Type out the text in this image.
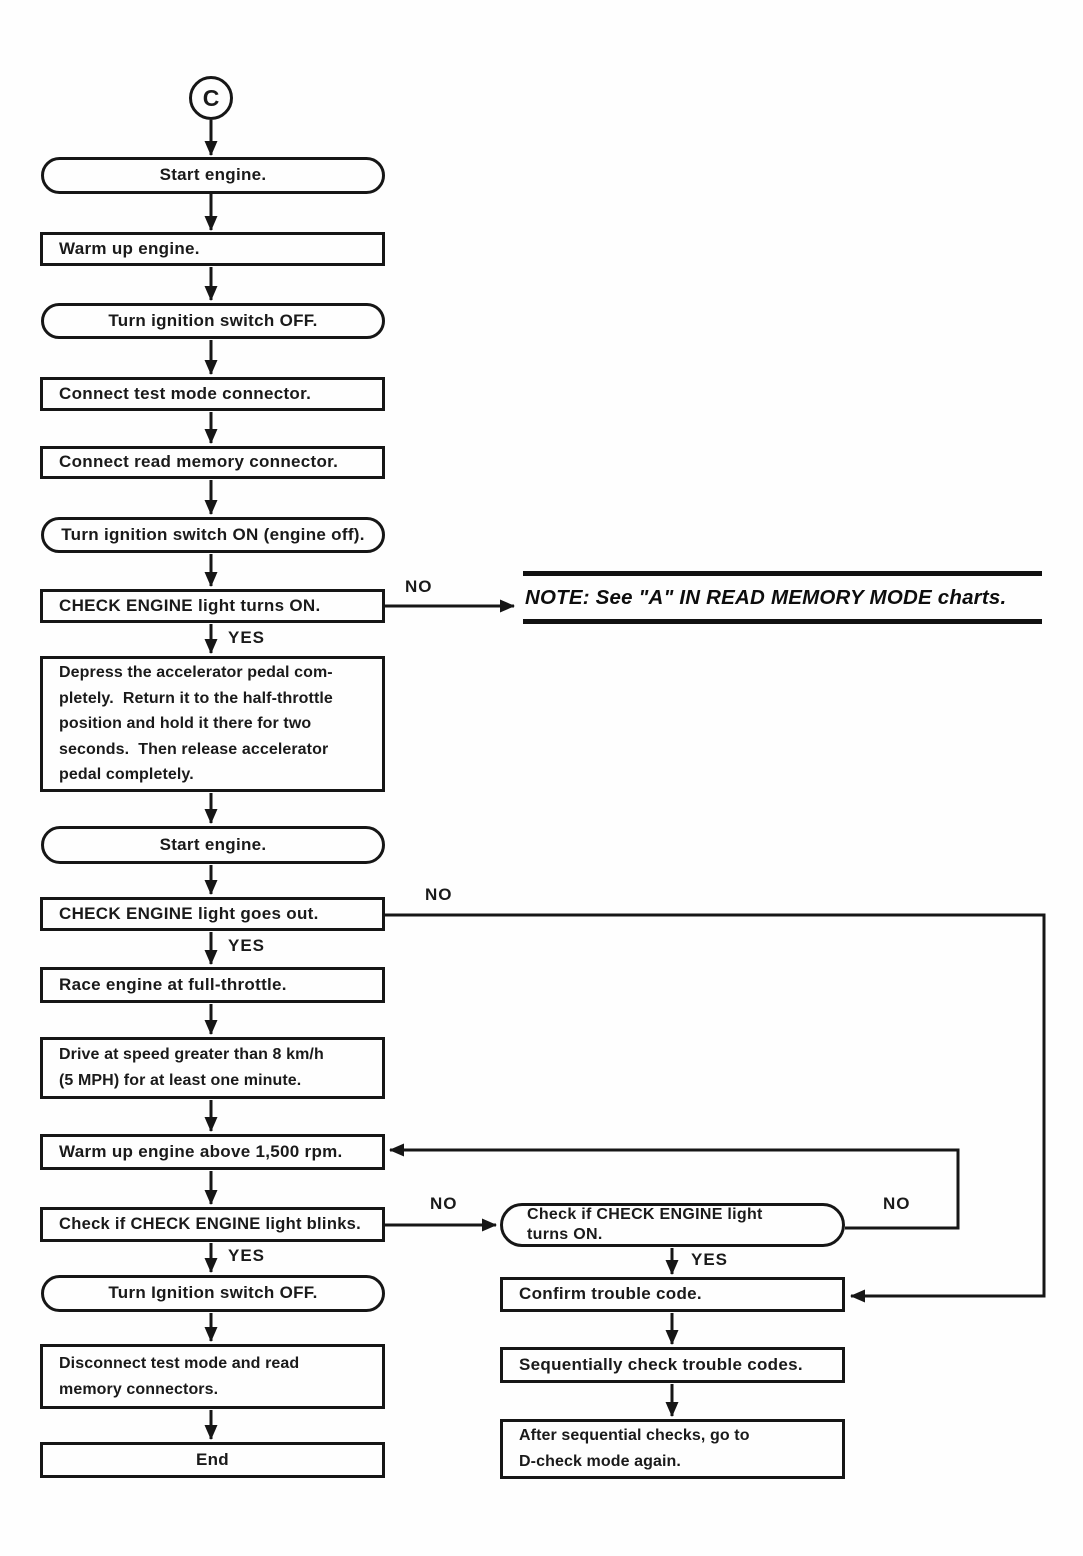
C
Start engine.
Warm up engine.
Turn ignition switch OFF.
Connect test mode connector.
Connect read memory connector.
Turn ignition switch ON (engine off).
CHECK ENGINE light turns ON.
Depress the accelerator pedal com-
pletely.  Return it to the half-throttle
position and hold it there for two
seconds.  Then release accelerator
pedal completely.
Start engine.
CHECK ENGINE light goes out.
Race engine at full-throttle.
Drive at speed greater than 8 km/h
(5 MPH) for at least one minute.
Warm up engine above 1,500 rpm.
Check if CHECK ENGINE light blinks.
Turn Ignition switch OFF.
Disconnect test mode and read
memory connectors.
End
Check if CHECK ENGINE light
turns ON.
Confirm trouble code.
Sequentially check trouble codes.
After sequential checks, go to
D-check mode again.
NOTE: See "A" IN READ MEMORY MODE charts.
YES
YES
YES	YES
NO
NO
NO	NO
